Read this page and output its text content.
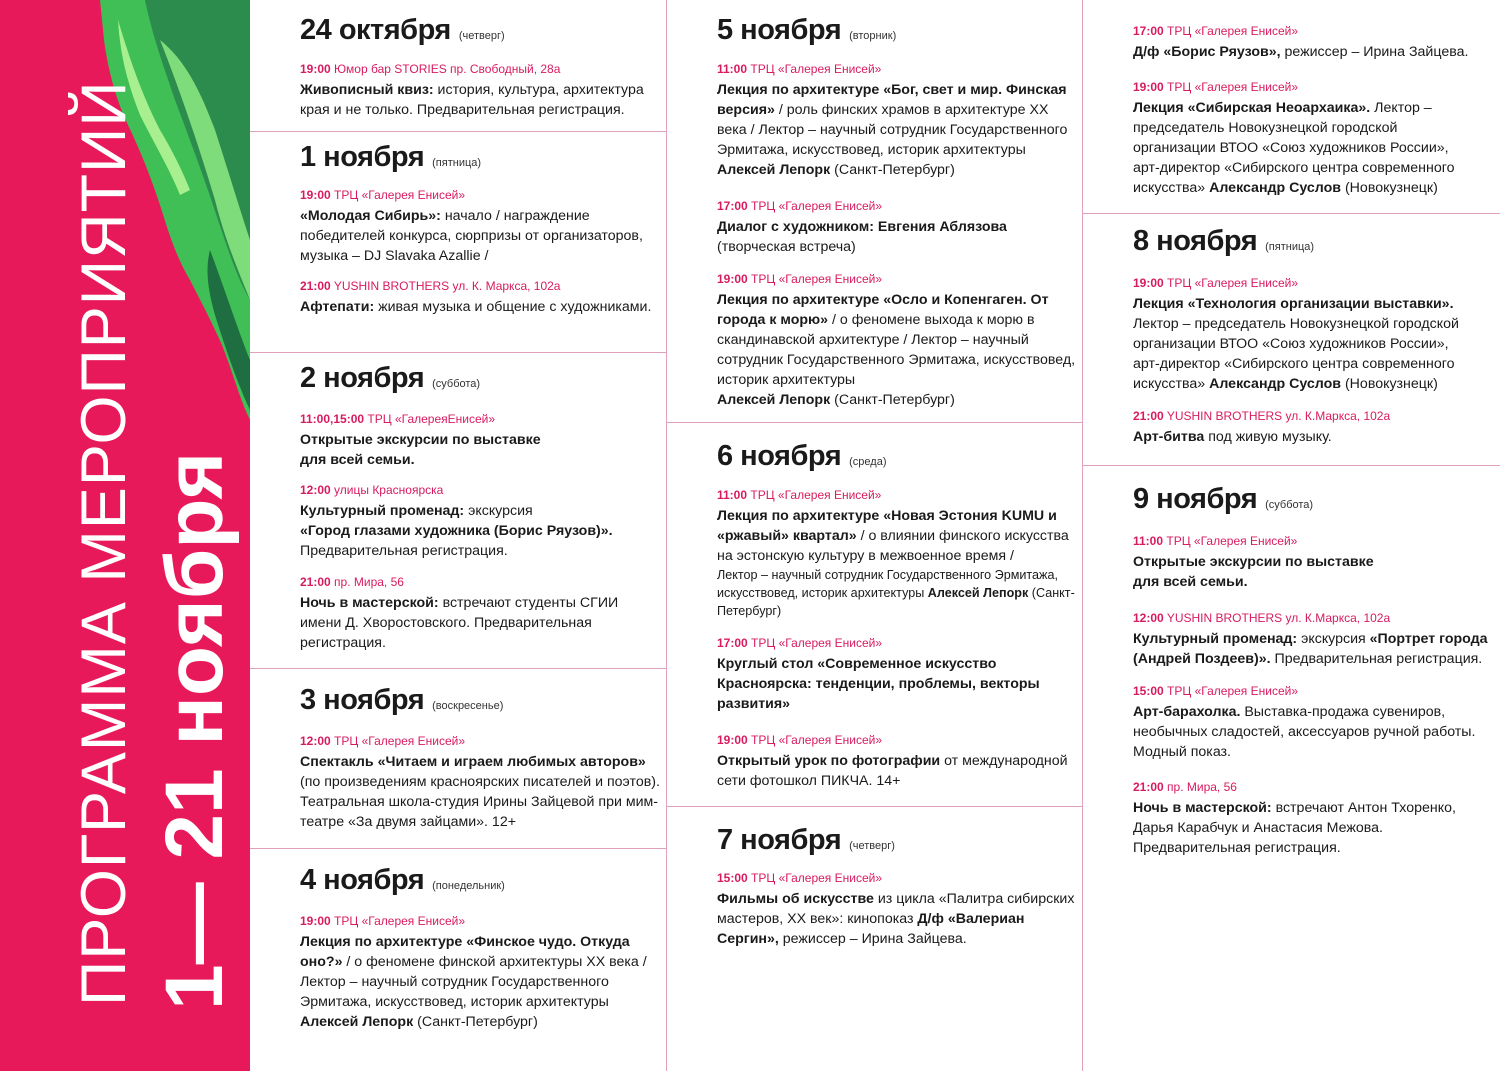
ПРОГРАММА МЕРОПРИЯТИЙ 1— 21 ноября
24 октября (четверг)
19:00 Юмор бар STORIES пр. Свободный, 28а
Живописный квиз: история, культура, архитектура края и не только. Предварительная регистрация.
1 ноября (пятница)
19:00 ТРЦ «Галерея Енисей»
«Молодая Сибирь»: начало / награждение победителей конкурса, сюрпризы от организаторов, музыка – DJ Slavaka Azallie /
21:00 YUSHIN BROTHERS ул. К. Маркса, 102а
Афтепати: живая музыка и общение с художниками.
2 ноября (суббота)
11:00,15:00 ТРЦ «ГалереяЕнисей»
Открытые экскурсии по выставке для всей семьи.
12:00 улицы Красноярска
Культурный променад: экскурсия
«Город глазами художника (Борис Ряузов)». Предварительная регистрация.
21:00 пр. Мира, 56
Ночь в мастерской: встречают студенты СГИИ имени Д. Хворостовского. Предварительная регистрация.
3 ноября (воскресенье)
12:00 ТРЦ «Галерея Енисей»
Спектакль «Читаем и играем любимых авторов» (по произведениям красноярских писателей и поэтов). Театральная школа-студия Ирины Зайцевой при мим-театре «За двумя зайцами». 12+
4 ноября (понедельник)
19:00 ТРЦ «Галерея Енисей»
Лекция по архитектуре «Финское чудо. Откуда оно?» / о феномене финской архитектуры XX века / Лектор – научный сотрудник Государственного Эрмитажа, искусствовед, историк архитектуры
Алексей Лепорк (Санкт-Петербург)
5 ноября (вторник)
11:00 ТРЦ «Галерея Енисей»
Лекция по архитектуре «Бог, свет и мир. Финская версия» / роль финских храмов в архитектуре XX века / Лектор – научный сотрудник Государственного Эрмитажа, искусствовед, историк архитектуры
Алексей Лепорк (Санкт-Петербург)
17:00 ТРЦ «Галерея Енисей»
Диалог с художником: Евгения Аблязова (творческая встреча)
19:00 ТРЦ «Галерея Енисей»
Лекция по архитектуре «Осло и Копенгаген. От города к морю» / о феномене выхода к морю в скандинавской архитектуре / Лектор – научный сотрудник Государственного Эрмитажа, искусствовед, историк архитектуры
Алексей Лепорк (Санкт-Петербург)
6 ноября (среда)
11:00 ТРЦ «Галерея Енисей»
Лекция по архитектуре «Новая Эстония KUMU и «ржавый» квартал» / о влиянии финского искусства на эстонскую культуру в межвоенное время /
Лектор – научный сотрудник Государственного Эрмитажа, искусствовед, историк архитектуры Алексей Лепорк (Санкт-Петербург)
17:00 ТРЦ «Галерея Енисей»
Круглый стол «Современное искусство Красноярска: тенденции, проблемы, векторы развития»
19:00 ТРЦ «Галерея Енисей»
Открытый урок по фотографии от международной сети фотошкол ПИКЧА. 14+
7 ноября (четверг)
15:00 ТРЦ «Галерея Енисей»
Фильмы об искусстве из цикла «Палитра сибирских мастеров, XX век»: кинопоказ Д/ф «Валериан Сергин», режиссер – Ирина Зайцева.
17:00 ТРЦ «Галерея Енисей»
Д/ф «Борис Ряузов», режиссер – Ирина Зайцева.
19:00 ТРЦ «Галерея Енисей»
Лекция «Сибирская Неоархаика». Лектор – председатель Новокузнецкой городской организации ВТОО «Союз художников России», арт-директор «Сибирского центра современного искусства» Александр Суслов (Новокузнецк)
8 ноября (пятница)
19:00 ТРЦ «Галерея Енисей»
Лекция «Технология организации выставки». Лектор – председатель Новокузнецкой городской организации ВТОО «Союз художников России», арт-директор «Сибирского центра современного искусства» Александр Суслов (Новокузнецк)
21:00 YUSHIN BROTHERS ул. К.Маркса, 102а
Арт-битва под живую музыку.
9 ноября (суббота)
11:00 ТРЦ «Галерея Енисей»
Открытые экскурсии по выставке для всей семьи.
12:00 YUSHIN BROTHERS ул. К.Маркса, 102а
Культурный променад: экскурсия «Портрет города (Андрей Поздеев)». Предварительная регистрация.
15:00 ТРЦ «Галерея Енисей»
Арт-барахолка. Выставка-продажа сувениров, необычных сладостей, аксессуаров ручной работы. Модный показ.
21:00 пр. Мира, 56
Ночь в мастерской: встречают Антон Тхоренко, Дарья Карабчук и Анастасия Межова. Предварительная регистрация.
